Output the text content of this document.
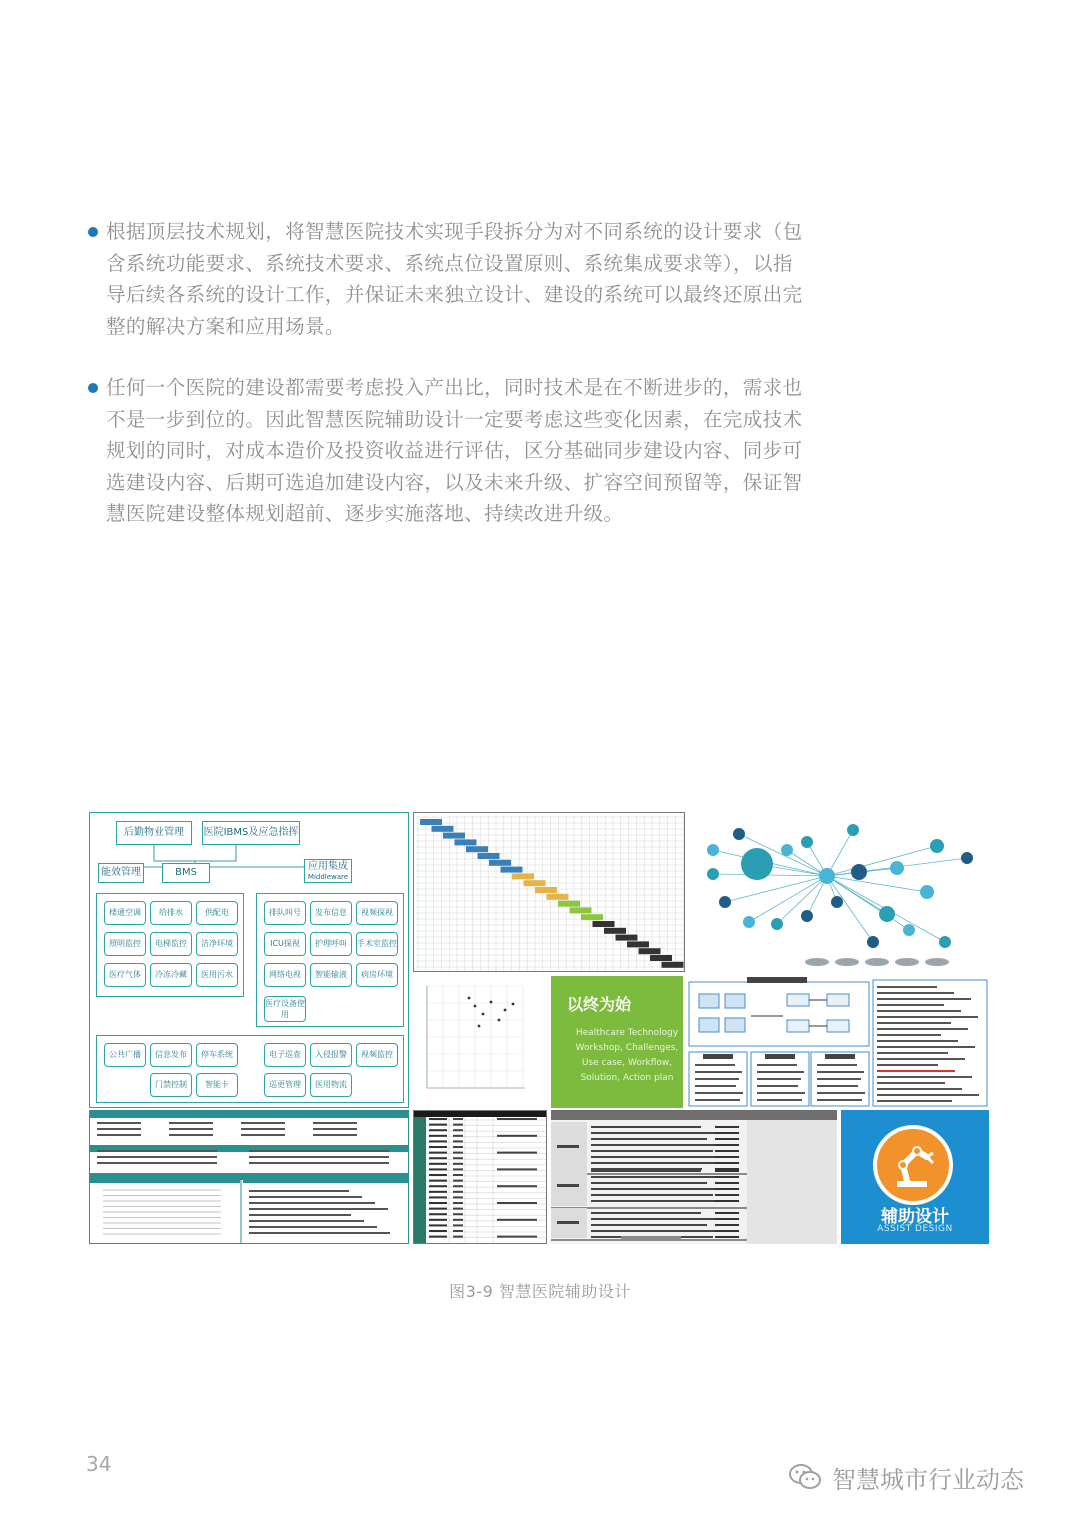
根据顶层技术规划，将智慧医院技术实现手段拆分为对不同系统的设计要求（包含系统功能要求、系统技术要求、系统点位设置原则、系统集成要求等），以指导后续各系统的设计工作，并保证未来独立设计、建设的系统可以最终还原出完整的解决方案和应用场景。
任何一个医院的建设都需要考虑投入产出比，同时技术是在不断进步的，需求也不是一步到位的。因此智慧医院辅助设计一定要考虑这些变化因素，在完成技术规划的同时，对成本造价及投资收益进行评估，区分基础同步建设内容、同步可选建设内容、后期可选追加建设内容，以及未来升级、扩容空间预留等，保证智慧医院建设整体规划超前、逐步实施落地、持续改进升级。
后勤物业管理	医院IBMS及应急指挥
能效管理	BMS
应用集成
Middleware
楼通空调	给排水	供配电
照明监控	电梯监控	洁净环境
医疗气体	冷冻冷藏	医用污水
排队叫号	发布信息	视频探视
ICU探视	护理呼叫	手术室监控
网络电视	智能输液	病房环境
医疗设备使用
公共广播	信息发布	停车系统
门禁控制	智能卡
电子巡查	入侵报警	视频监控
巡更管理	医用物流
以终为始
Healthcare Technology
Workshop, Challenges,
Use case, Workflow,
Solution, Action plan
辅助设计
ASSIST DESIGN
图3-9 智慧医院辅助设计
34
智慧城市行业动态
